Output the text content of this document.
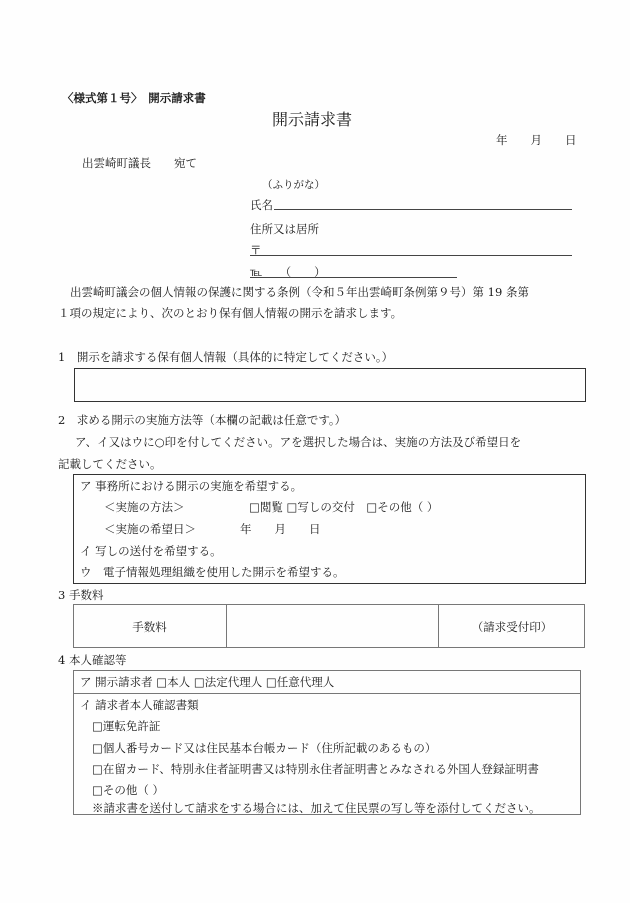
〈様式第１号〉　開示請求書
開示請求書
年　　月　　日
出雲崎町議長　　宛て
（ふりがな）
氏名
住所又は居所
〒
℡　　（　　）
出雲崎町議会の個人情報の保護に関する条例（令和５年出雲崎町条例第９号）第 19 条第
１項の規定により、次のとおり保有個人情報の開示を請求します。
1　開示を請求する保有個人情報（具体的に特定してください。）
2　求める開示の実施方法等（本欄の記載は任意です。）
ア、イ又はウに○印を付してください。アを選択した場合は、実施の方法及び希望日を
記載してください。
ア 事務所における開示の実施を希望する。
＜実施の方法＞	□閲覧 □写しの交付　□その他（ ）
＜実施の希望日＞	年　　月　　日
イ 写しの送付を希望する。
ウ　電子情報処理組織を使用した開示を希望する。
3 手数料
手数料	（請求受付印）
4 本人確認等
ア 開示請求者 □本人 □法定代理人 □任意代理人
イ 請求者本人確認書類
□運転免許証
□個人番号カード又は住民基本台帳カード（住所記載のあるもの）
□在留カード、特別永住者証明書又は特別永住者証明書とみなされる外国人登録証明書
□その他（ ）
※請求書を送付して請求をする場合には、加えて住民票の写し等を添付してください。
